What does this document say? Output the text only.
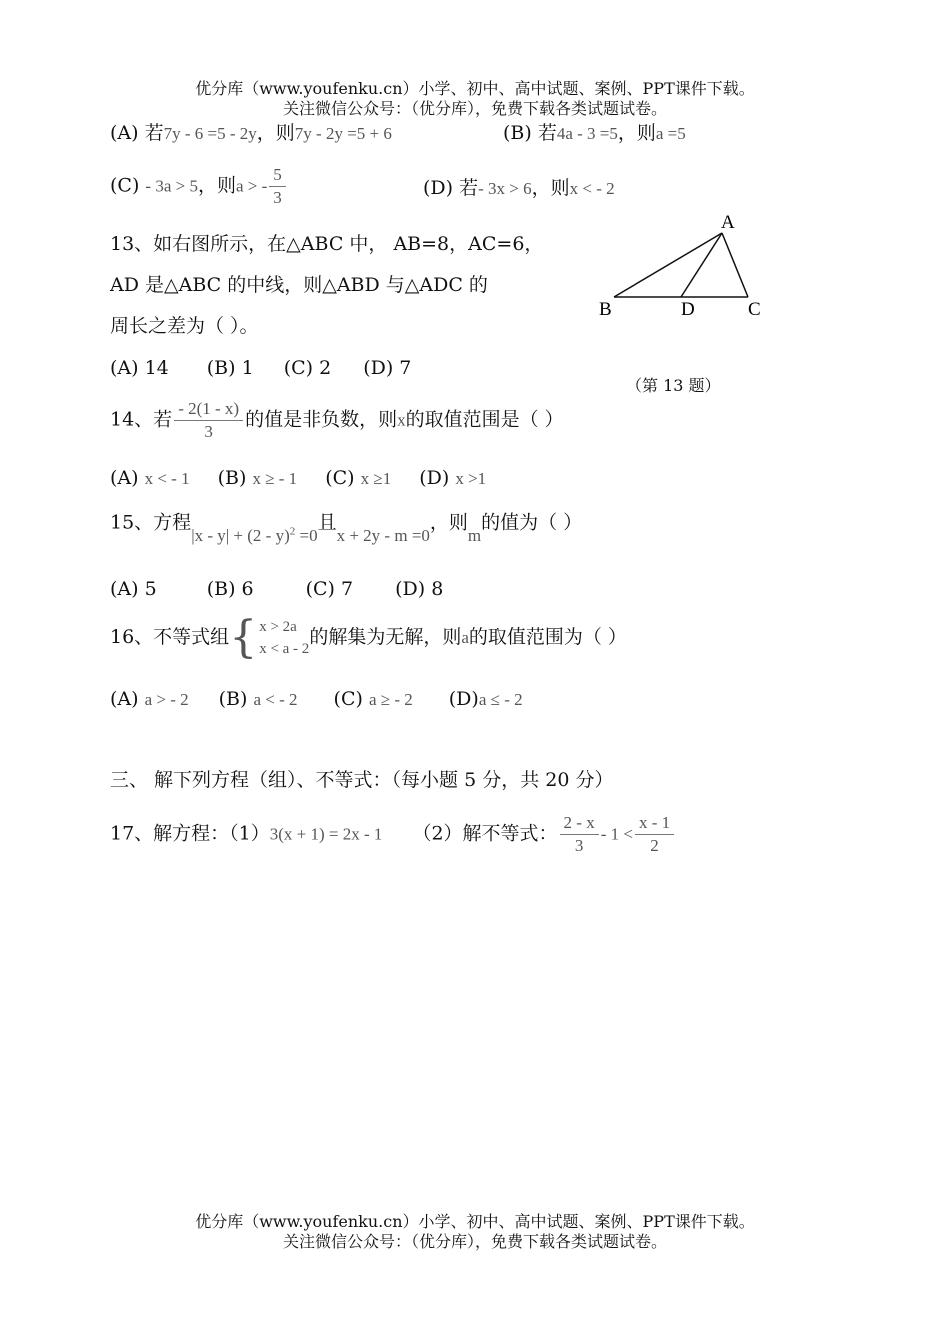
优分库（www.youfenku.cn）小学、初中、高中试题、案例、PPT课件下载。
关注微信公众号：（优分库），免费下载各类试题试卷。
(A) 若7y - 6 =5 - 2y，则7y - 2y =5 + 6	(B) 若4a - 3 =5，则a =5
(C) - 3a > 5，则a > - $\frac{5}{3}$	(D) 若- 3x > 6，则x < - 2
13、如右图所示，在△ABC 中， AB=8，AC=6，
AD 是△ABC 的中线，则△ABD 与△ADC 的
周长之差为（ ）。
(A) 14 (B) 1 (C) 2 (D) 7
A
B	D	C
（第 13 题）
14、若 $\frac{- 2(1 - x)}{3}$ 的值是非负数，则x的取值范围是（ ）
(A) x < - 1 (B) x ≥ - 1 (C) x ≥1 (D) x >1
15、方程|x - y| + (2 - y)$^2$ =0且x + 2y - m =0，则m的值为（ ）
(A) 5	(B) 6	(C) 7 (D) 8
16、不等式组 { x > 2a
x < a - 2
的解集为无解，则a的取值范围为（ ）
(A) a > - 2 (B) a < - 2 (C) a ≥ - 2 (D)a ≤ - 2
三、 解下列方程（组）、不等式：（每小题 5 分，共 20 分）
17、解方程：（1）3(x + 1) = 2x - 1 （2）解不等式： $\frac{2 - x}{3} - 1 < \frac{x - 1}{2}$
优分库（www.youfenku.cn）小学、初中、高中试题、案例、PPT课件下载。
关注微信公众号：（优分库），免费下载各类试题试卷。
